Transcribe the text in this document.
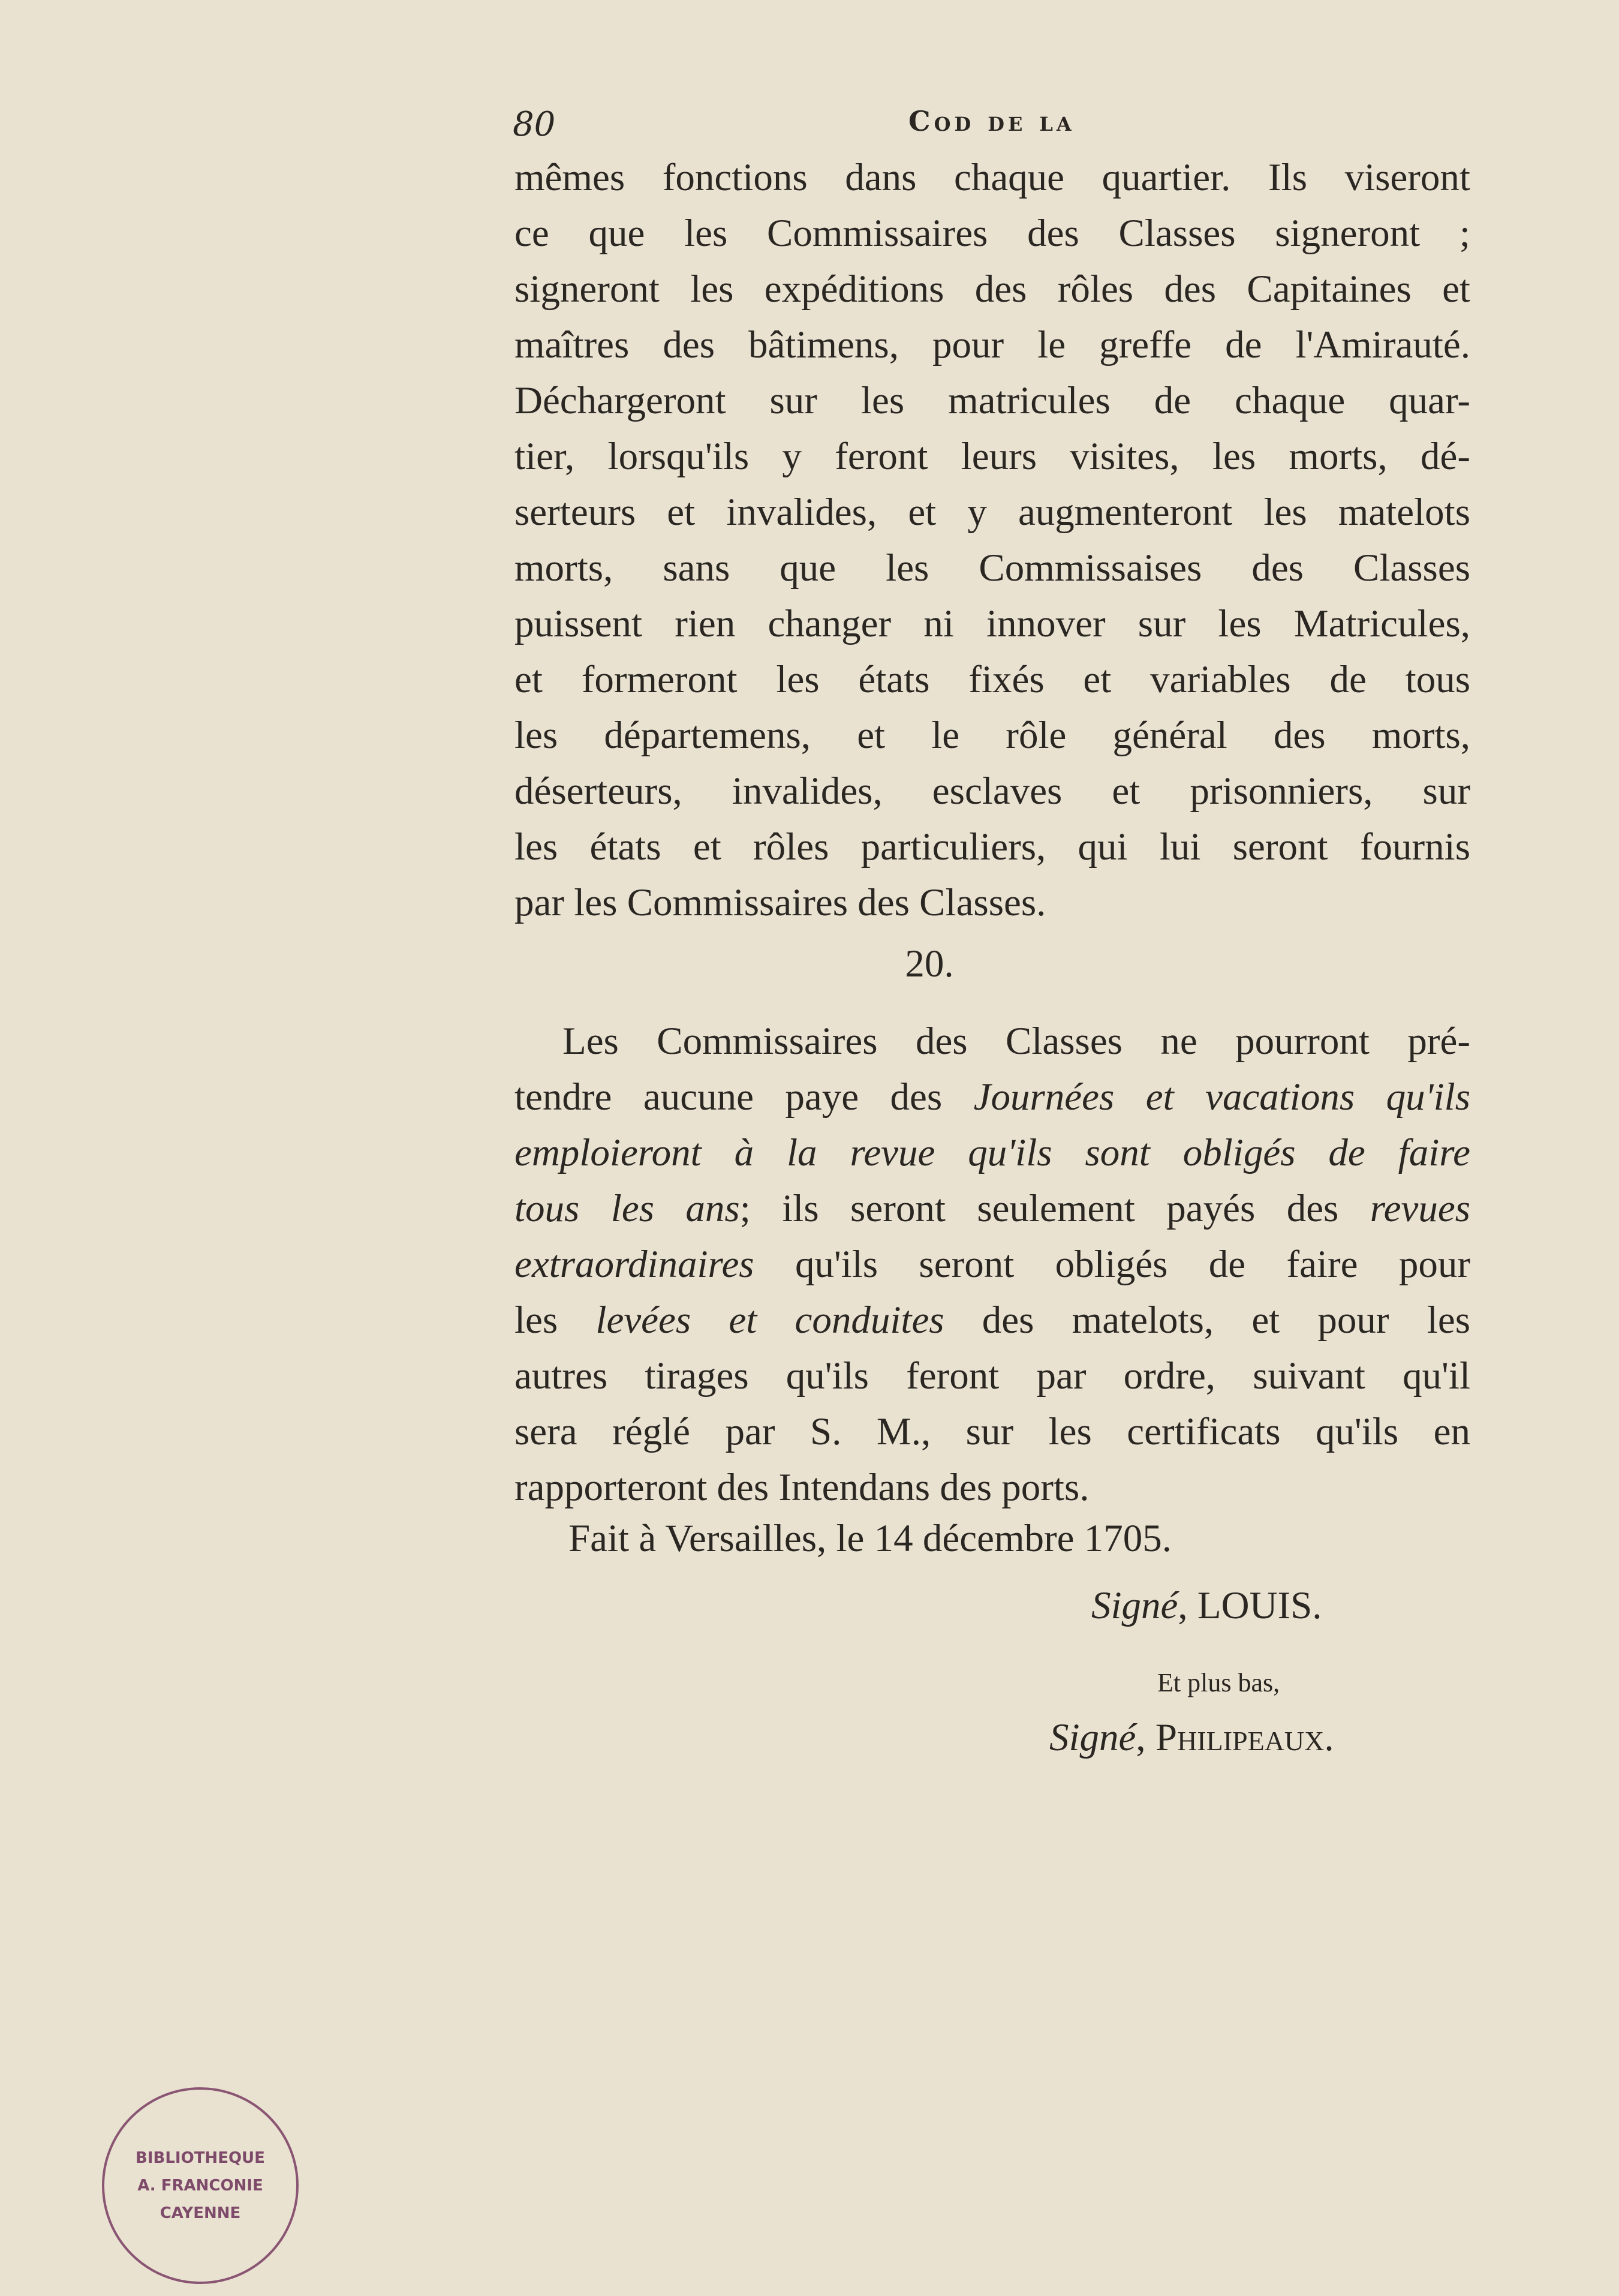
80	Cod de la
mêmes fonctions dans chaque quartier. Ils viseront
ce que les Commissaires des Classes signeront ;
signeront les expéditions des rôles des Capitaines et
maîtres des bâtimens, pour le greffe de l'Amirauté.
Déchargeront sur les matricules de chaque quar-
tier, lorsqu'ils y feront leurs visites, les morts, dé-
serteurs et invalides, et y augmenteront les matelots
morts, sans que les Commissaises des Classes
puissent rien changer ni innover sur les Matricules,
et formeront les états fixés et variables de tous
les départemens, et le rôle général des morts,
déserteurs, invalides, esclaves et prisonniers, sur
les états et rôles particuliers, qui lui seront fournis
par les Commissaires des Classes.
20.
Les Commissaires des Classes ne pourront pré-
tendre aucune paye des Journées et vacations qu'ils
emploieront à la revue qu'ils sont obligés de faire
tous les ans; ils seront seulement payés des revues
extraordinaires qu'ils seront obligés de faire pour
les levées et conduites des matelots, et pour les
autres tirages qu'ils feront par ordre, suivant qu'il
sera réglé par S. M., sur les certificats qu'ils en
rapporteront des Intendans des ports.
Fait à Versailles, le 14 décembre 1705.
Signé, LOUIS.
Et plus bas,
Signé, Philipeaux.
BIBLIOTHEQUE
A. FRANCONIE
CAYENNE
